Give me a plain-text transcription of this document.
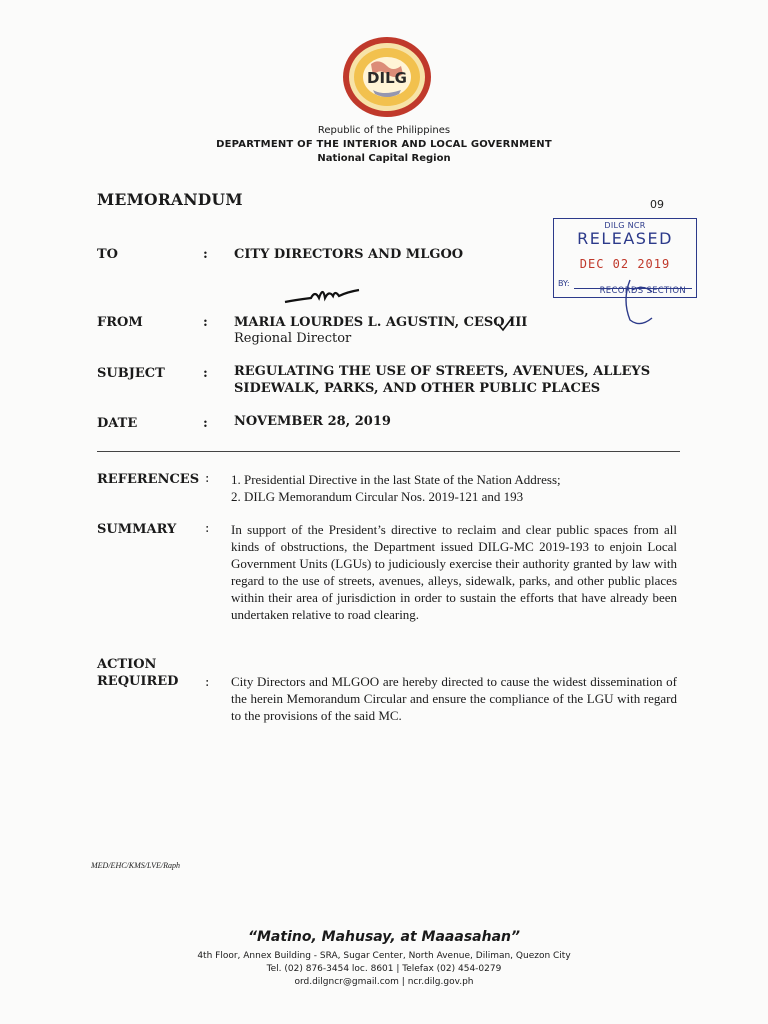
DILG
Republic of the Philippines
DEPARTMENT OF THE INTERIOR AND LOCAL GOVERNMENT
National Capital Region
MEMORANDUM	09
DILG NCR
RELEASED
DEC 02 2019
BY:
RECORDS SECTION
TO	: CITY DIRECTORS AND MLGOO
FROM	: MARIA LOURDES L. AGUSTIN, CESO III
Regional Director
SUBJECT	: REGULATING THE USE OF STREETS, AVENUES, ALLEYS
SIDEWALK, PARKS, AND OTHER PUBLIC PLACES
DATE	: NOVEMBER 28, 2019
REFERENCES : 1. Presidential Directive in the last State of the Nation Address;
2. DILG Memorandum Circular Nos. 2019-121 and 193
SUMMARY : In support of the President’s directive to reclaim and clear public spaces from all kinds of obstructions, the Department issued DILG-MC 2019-193 to enjoin Local Government Units (LGUs) to judiciously exercise their authority granted by law with regard to the use of streets, avenues, alleys, sidewalk, parks, and other public places within their area of jurisdiction in order to sustain the efforts that have already been undertaken relative to road clearing.
ACTION
REQUIRED : City Directors and MLGOO are hereby directed to cause the widest dissemination of the herein Memorandum Circular and ensure the compliance of the LGU with regard to the provisions of the said MC.
MED/EHC/KMS/LVE/Raph
“Matino, Mahusay, at Maaasahan”
4th Floor, Annex Building - SRA, Sugar Center, North Avenue, Diliman, Quezon City
Tel. (02) 876-3454 loc. 8601 | Telefax (02) 454-0279
ord.dilgncr@gmail.com | ncr.dilg.gov.ph
